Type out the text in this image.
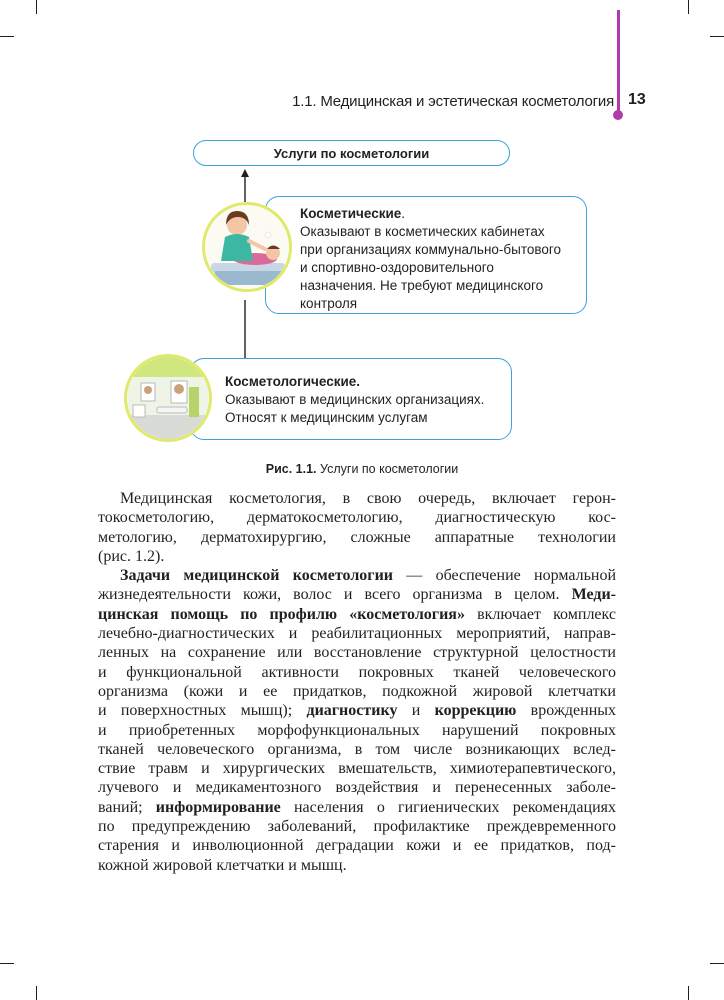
1.1. Медицинская и эстетическая косметология 13
Услуги по косметологии
Косметические.
Оказывают в косметических кабинетах
при организациях коммунально-бытового
и спортивно-оздоровительного
назначения. Не требуют медицинского
контроля
Косметологические.
Оказывают в медицинских организациях.
Относят к медицинским услугам
Рис. 1.1. Услуги по косметологии

Медицинская косметология, в свою очередь, включает герон-
токосметологию, дерматокосметологию, диагностическую кос-
метологию, дерматохирургию, сложные аппаратные технологии
(рис. 1.2).

Задачи медицинской косметологии — обеспечение нормальной
жизнедеятельности кожи, волос и всего организма в целом. Меди-
цинская помощь по профилю «косметология» включает комплекс
лечебно-диагностических и реабилитационных мероприятий, направ-
ленных на сохранение или восстановление структурной целостности
и функциональной активности покровных тканей человеческого
организма (кожи и ее придатков, подкожной жировой клетчатки
и поверхностных мышц); диагностику и коррекцию врожденных
и приобретенных морфофункциональных нарушений покровных
тканей человеческого организма, в том числе возникающих вслед-
ствие травм и хирургических вмешательств, химиотерапевтического,
лучевого и медикаментозного воздействия и перенесенных заболе-
ваний; информирование населения о гигиенических рекомендациях
по предупреждению заболеваний, профилактике преждевременного
старения и инволюционной деградации кожи и ее придатков, под-
кожной жировой клетчатки и мышц.
